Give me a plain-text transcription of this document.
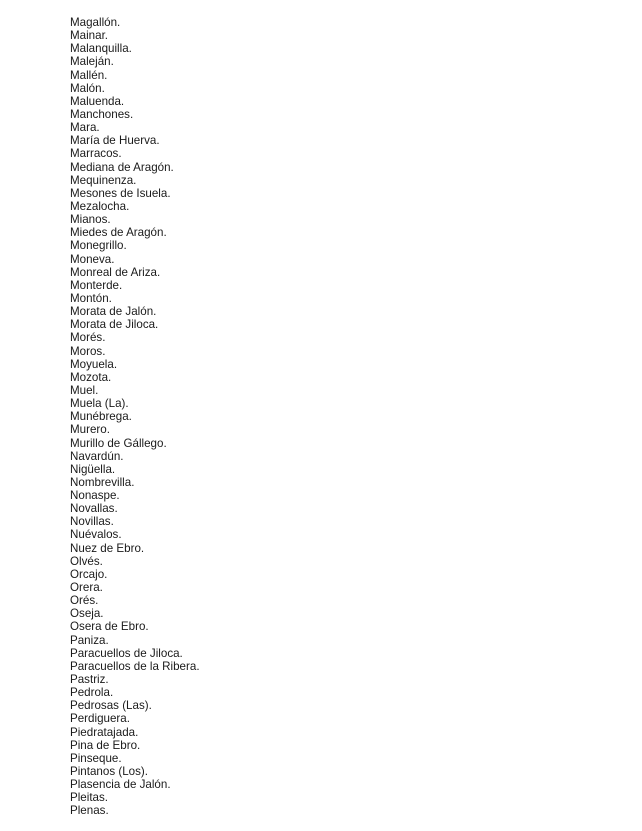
Magallón.
Mainar.
Malanquilla.
Maleján.
Mallén.
Malón.
Maluenda.
Manchones.
Mara.
María de Huerva.
Marracos.
Mediana de Aragón.
Mequinenza.
Mesones de Isuela.
Mezalocha.
Mianos.
Miedes de Aragón.
Monegrillo.
Moneva.
Monreal de Ariza.
Monterde.
Montón.
Morata de Jalón.
Morata de Jiloca.
Morés.
Moros.
Moyuela.
Mozota.
Muel.
Muela (La).
Munébrega.
Murero.
Murillo de Gállego.
Navardún.
Nigüella.
Nombrevilla.
Nonaspe.
Novallas.
Novillas.
Nuévalos.
Nuez de Ebro.
Olvés.
Orcajo.
Orera.
Orés.
Oseja.
Osera de Ebro.
Paniza.
Paracuellos de Jiloca.
Paracuellos de la Ribera.
Pastriz.
Pedrola.
Pedrosas (Las).
Perdiguera.
Piedratajada.
Pina de Ebro.
Pinseque.
Pintanos (Los).
Plasencia de Jalón.
Pleitas.
Plenas.
